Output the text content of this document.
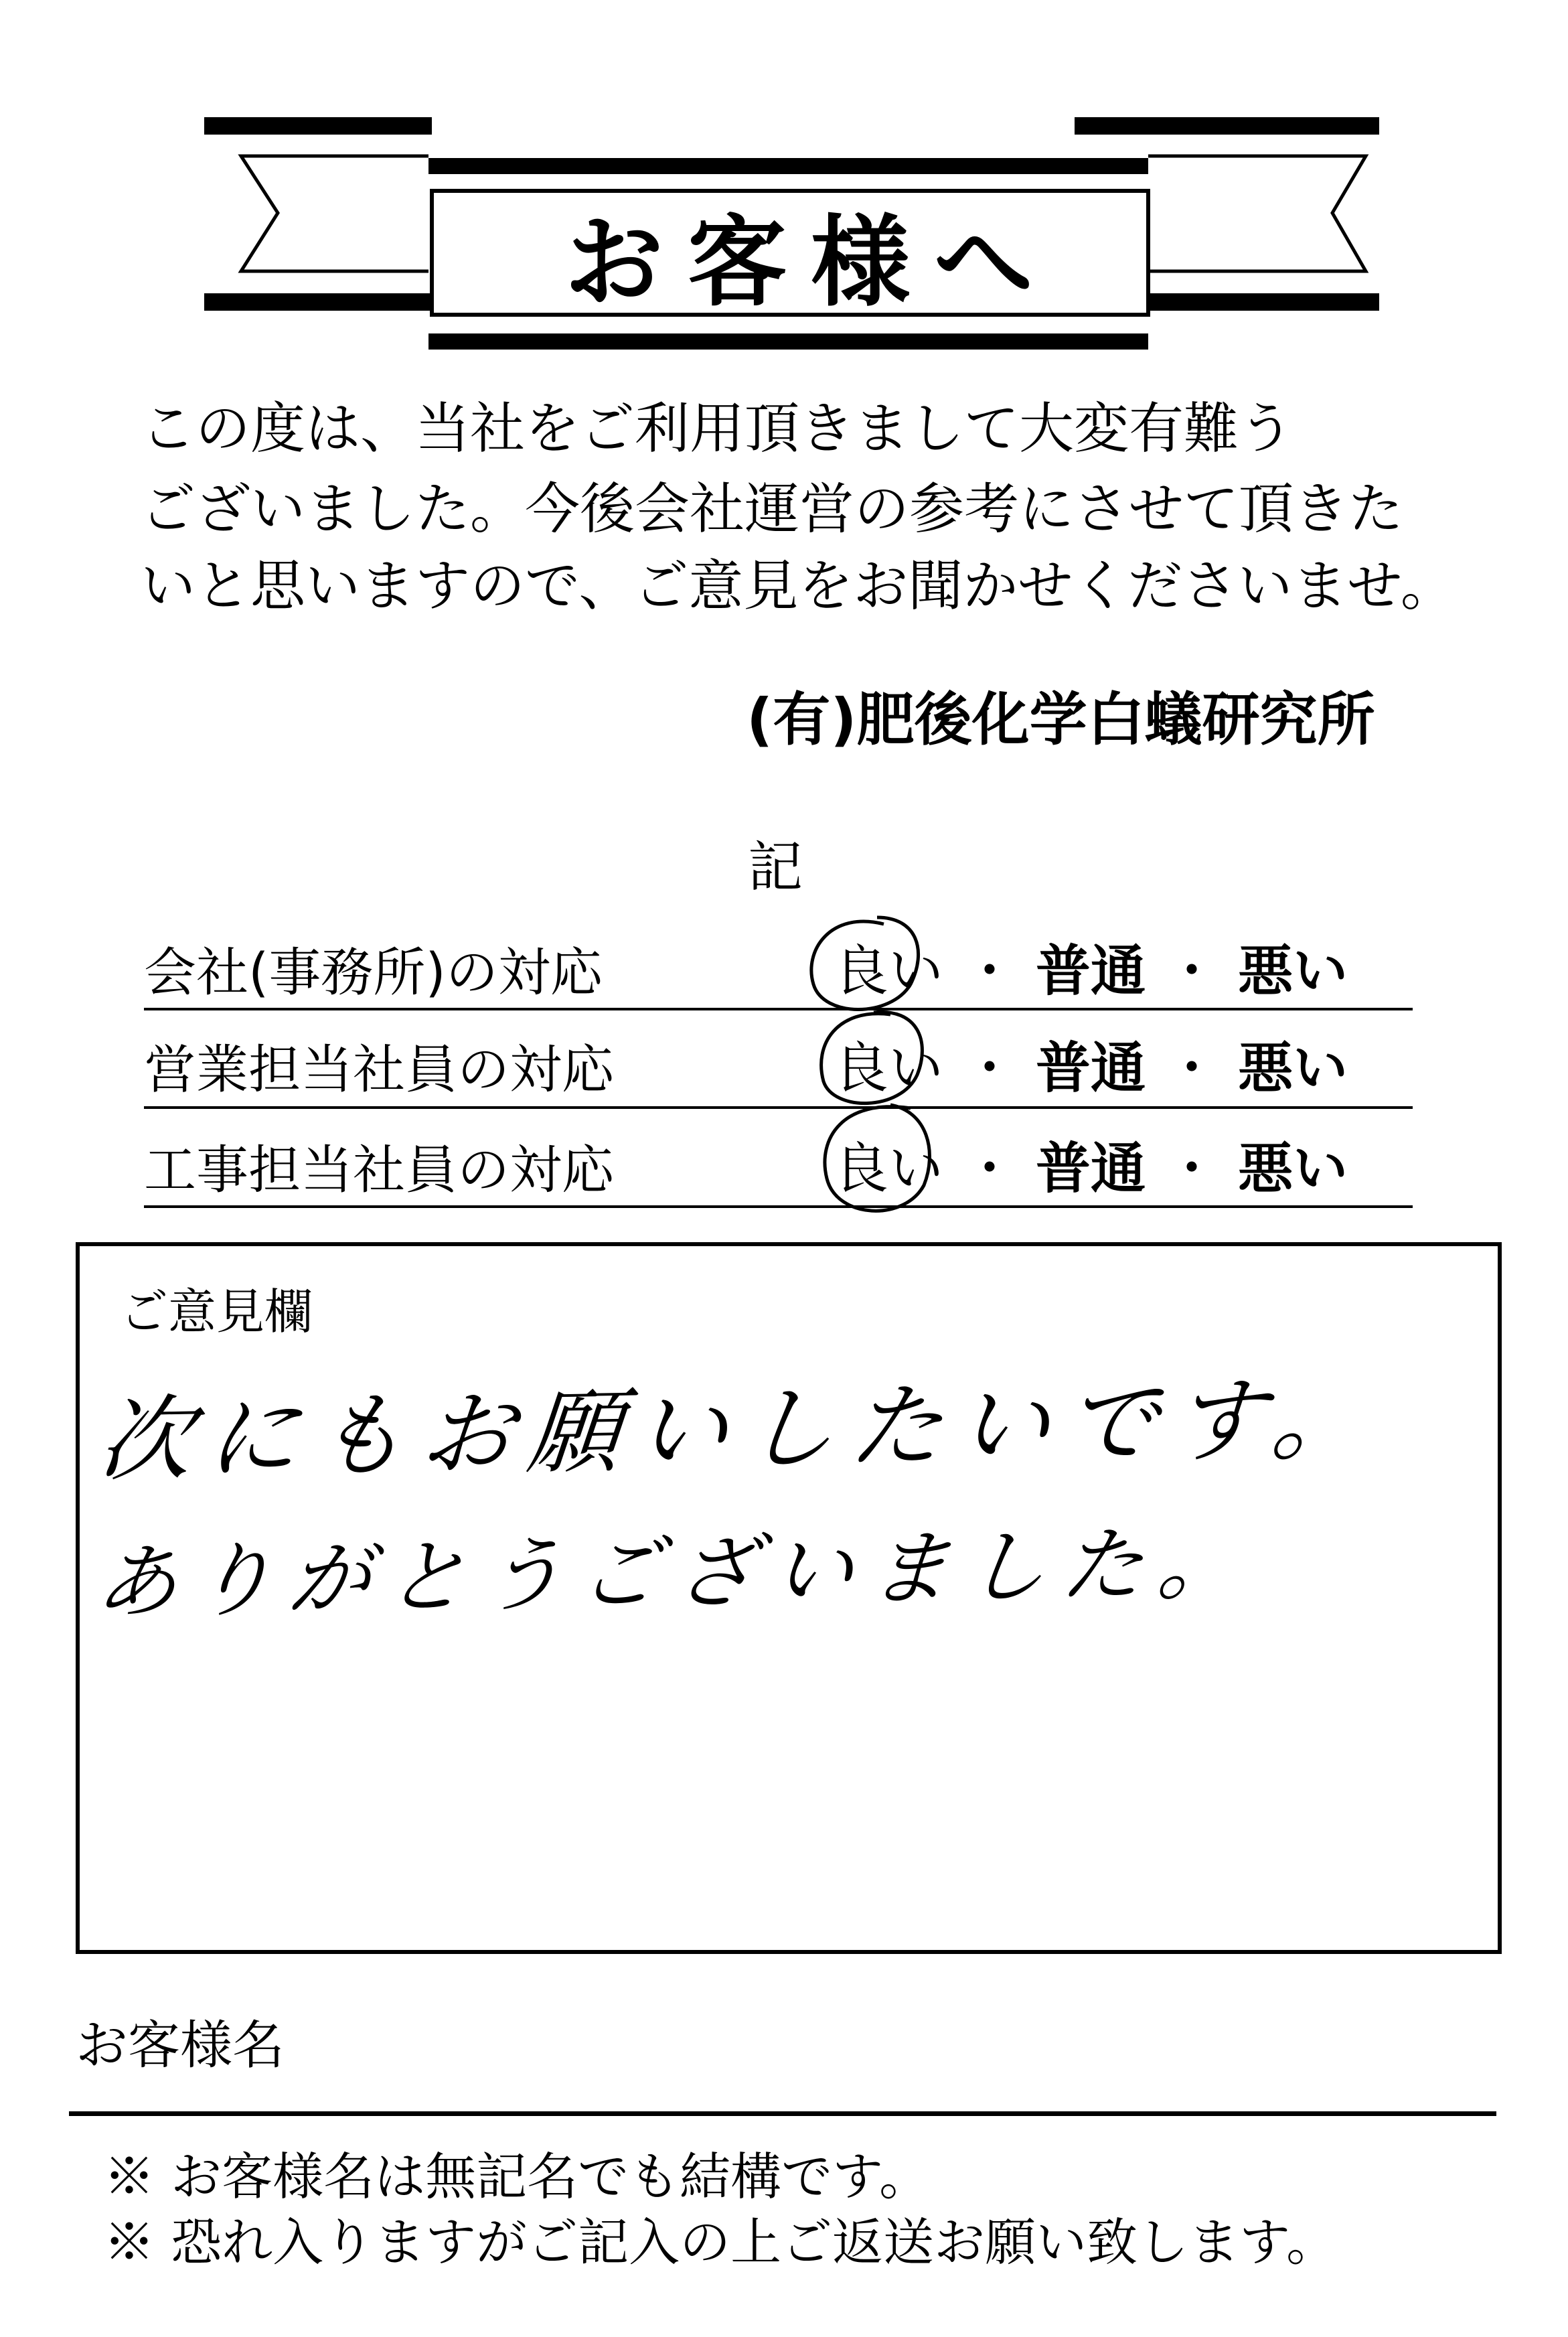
お客様へ
この度は、当社をご利用頂きまして大変有難う
ございました。今後会社運営の参考にさせて頂きた
いと思いますので、ご意見をお聞かせくださいませ。
(有)肥後化学白蟻研究所
記
会社(事務所)の対応	良い ・ 普通 ・ 悪い
営業担当社員の対応	良い ・ 普通 ・ 悪い
工事担当社員の対応	良い ・ 普通 ・ 悪い
ご意見欄
次にもお願いしたいです。
ありがとうございました。
お客様名
※ お客様名は無記名でも結構です。
※ 恐れ入りますがご記入の上ご返送お願い致します。
